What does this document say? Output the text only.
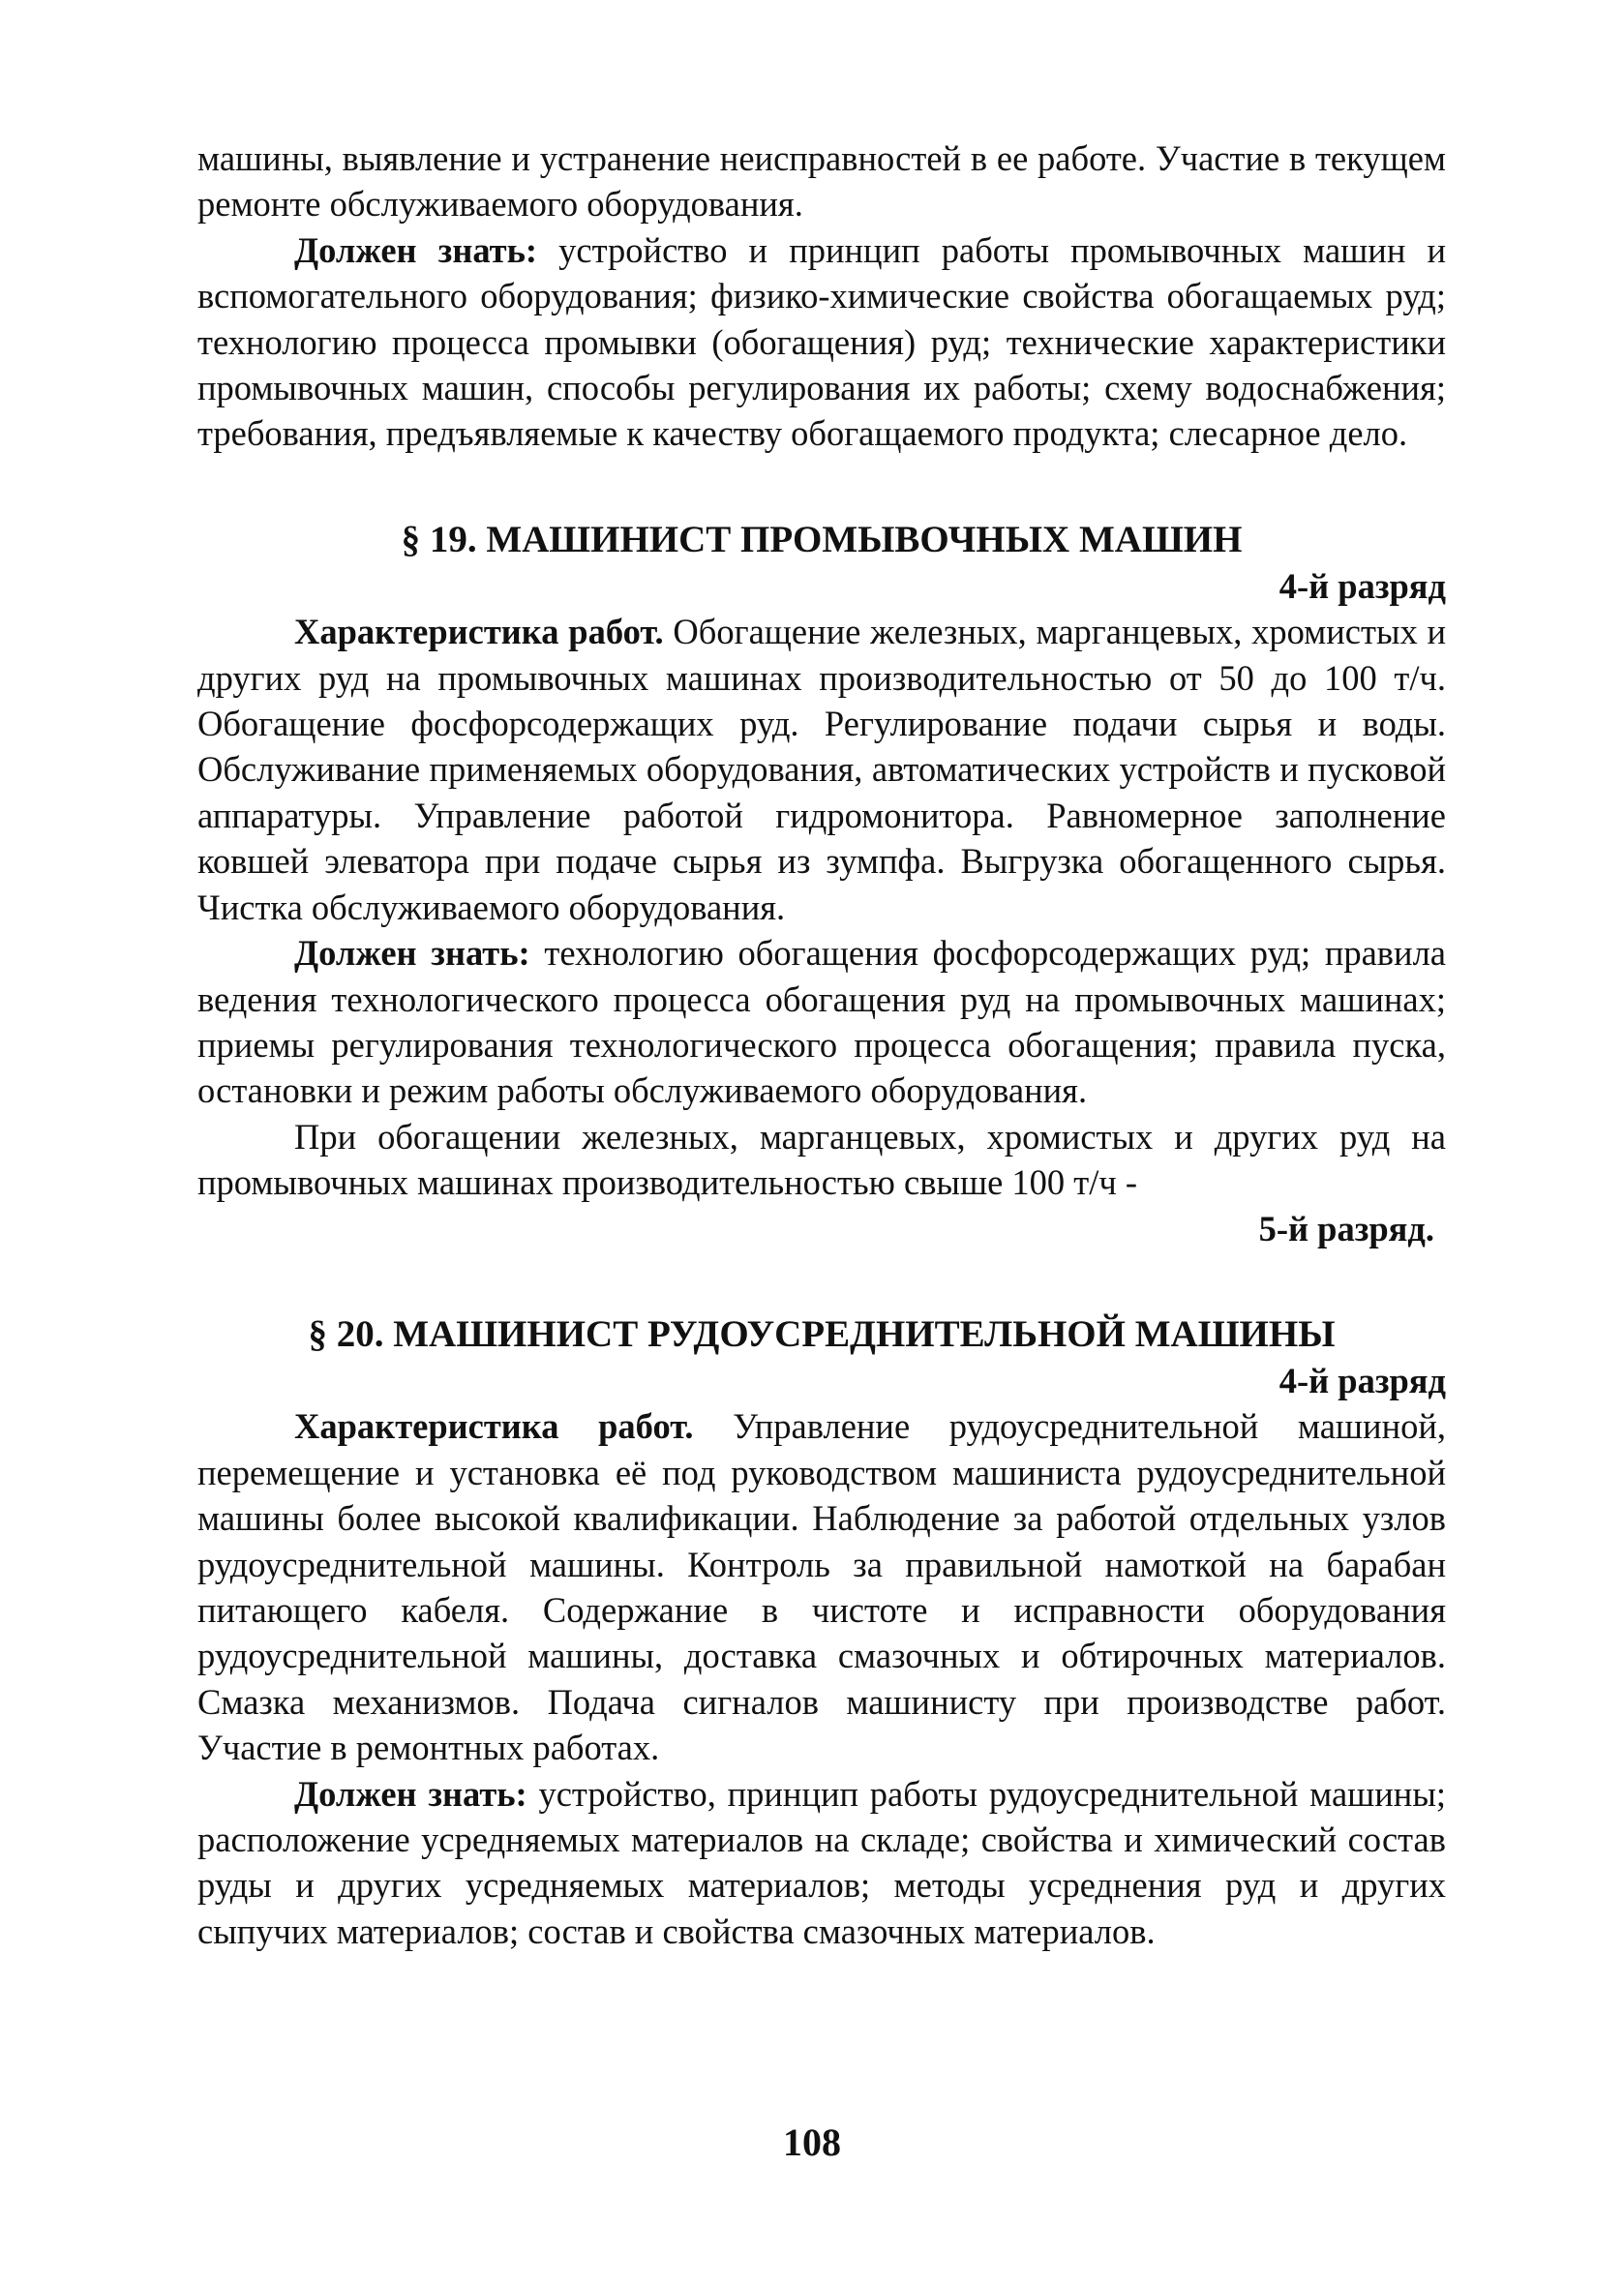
машины, выявление и устранение неисправностей в ее работе. Участие в текущем ремонте обслуживаемого оборудования.

Должен знать: устройство и принцип работы промывочных машин и вспомогательного оборудования; физико-химические свойства обогащаемых руд; технологию процесса промывки (обогащения) руд; технические характеристики промывочных машин, способы регулирования их работы; схему водоснабжения; требования, предъявляемые к качеству обогащаемого продукта; слесарное дело.

§ 19. МАШИНИСТ ПРОМЫВОЧНЫХ МАШИН

4-й разряд

Характеристика работ. Обогащение железных, марганцевых, хромистых и других руд на промывочных машинах производительностью от 50 до 100 т/ч. Обогащение фосфорсодержащих руд. Регулирование подачи сырья и воды. Обслуживание применяемых оборудования, автоматических устройств и пусковой аппаратуры. Управление работой гидромонитора. Равномерное заполнение ковшей элеватора при подаче сырья из зумпфа. Выгрузка обогащенного сырья. Чистка обслуживаемого оборудования.

Должен знать: технологию обогащения фосфорсодержащих руд; правила ведения технологического процесса обогащения руд на промывочных машинах; приемы регулирования технологического процесса обогащения; правила пуска, остановки и режим работы обслуживаемого оборудования.

При обогащении железных, марганцевых, хромистых и других руд на промывочных машинах производительностью свыше 100 т/ч -

5-й разряд.

§ 20. МАШИНИСТ РУДОУСРЕДНИТЕЛЬНОЙ МАШИНЫ

4-й разряд

Характеристика работ. Управление рудоусреднительной машиной, перемещение и установка её под руководством машиниста рудоусреднительной машины более высокой квалификации. Наблюдение за работой отдельных узлов рудоусреднительной машины. Контроль за правильной намоткой на барабан питающего кабеля. Содержание в чистоте и исправности оборудования рудоусреднительной машины, доставка смазочных и обтирочных материалов. Смазка механизмов. Подача сигналов машинисту при производстве работ. Участие в ремонтных работах.

Должен знать: устройство, принцип работы рудоусреднительной машины; расположение усредняемых материалов на складе; свойства и химический состав руды и других усредняемых материалов; методы усреднения руд и других сыпучих материалов; состав и свойства смазочных материалов.

108
